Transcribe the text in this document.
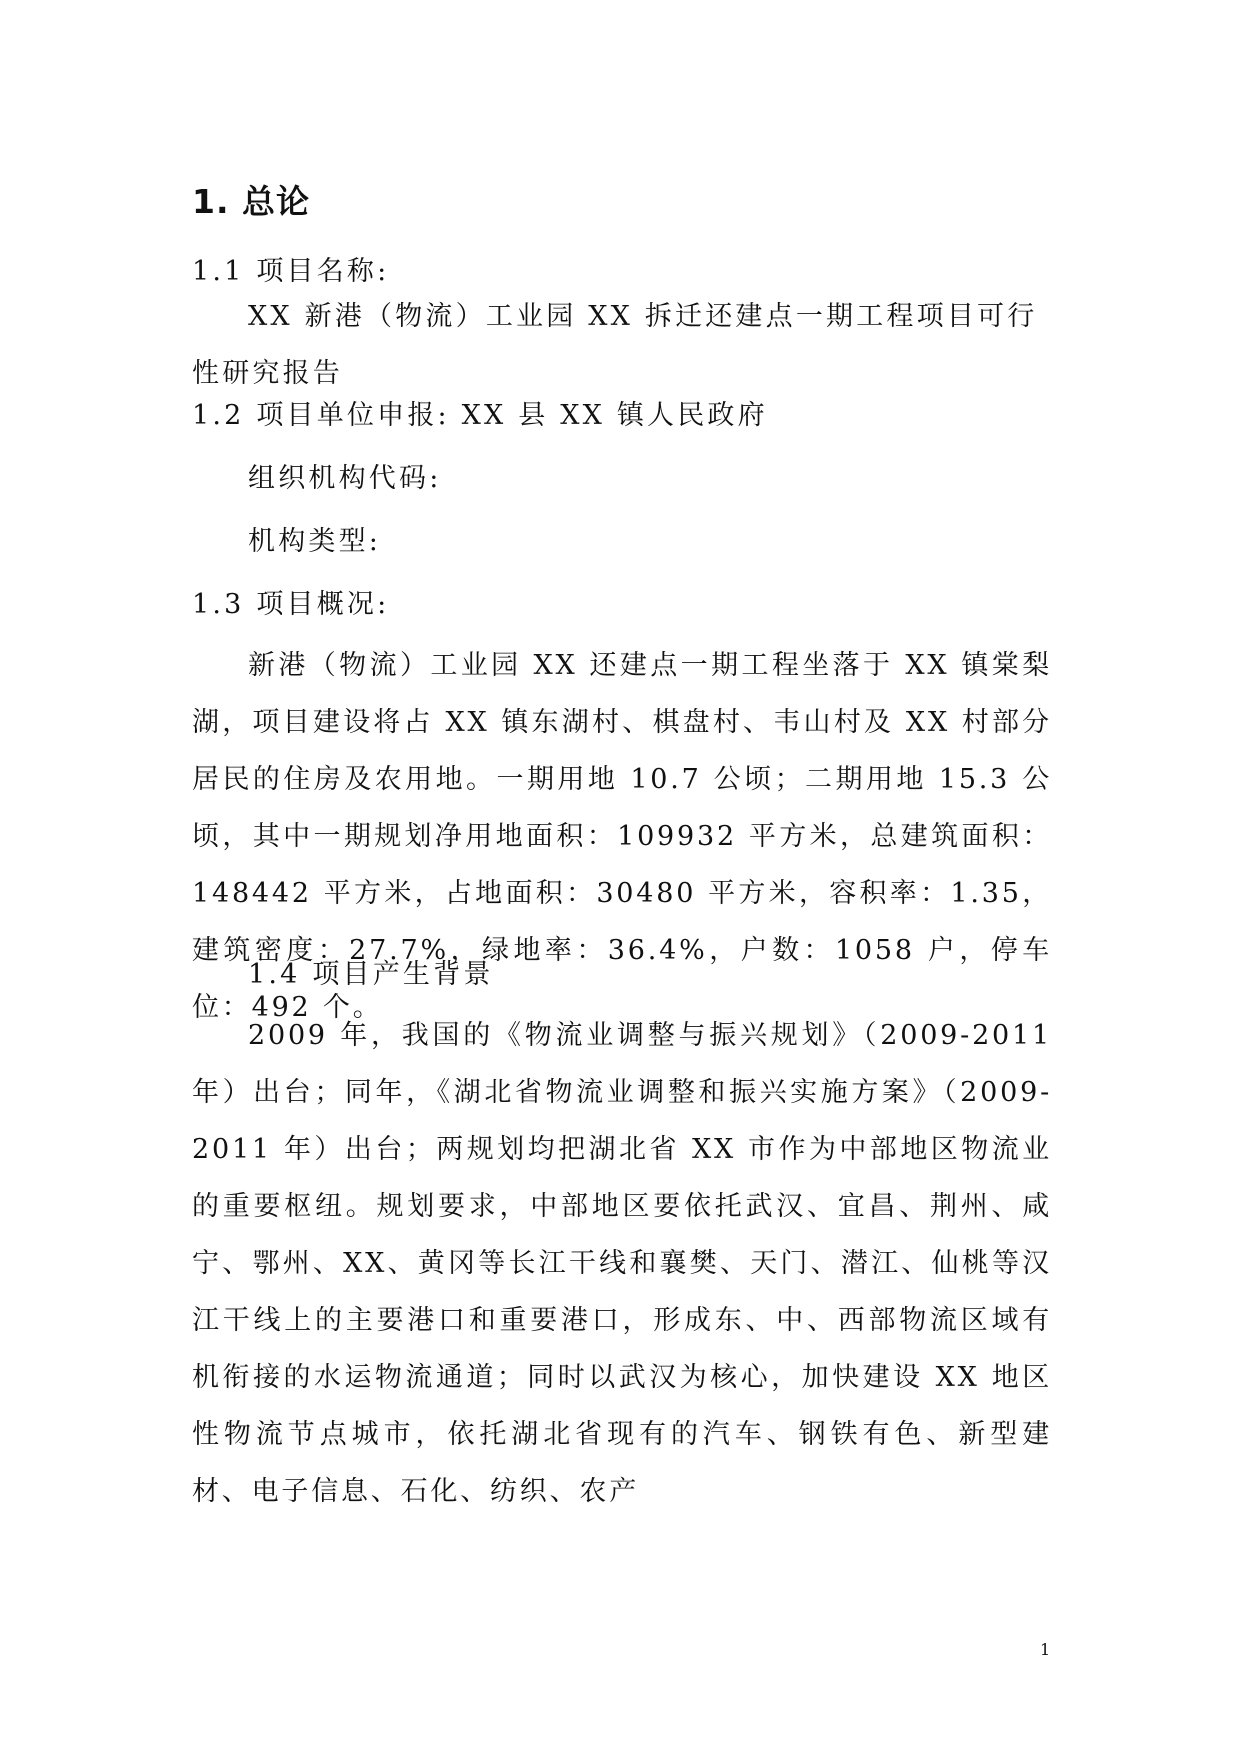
1. 总论
1.1 项目名称:
XX 新港（物流）工业园 XX 拆迁还建点一期工程项目可行性研究报告
1.2 项目单位申报: XX 县 XX 镇人民政府
组织机构代码:
机构类型:
1.3 项目概况:
新港（物流）工业园 XX 还建点一期工程坐落于 XX 镇棠梨湖，项目建设将占 XX 镇东湖村、棋盘村、韦山村及 XX 村部分居民的住房及农用地。一期用地 10.7 公顷；二期用地 15.3 公顷，其中一期规划净用地面积：109932 平方米，总建筑面积：148442 平方米，占地面积：30480 平方米，容积率：1.35，建筑密度：27.7%，绿地率：36.4%，户数：1058 户，停车位：492 个。
1.4 项目产生背景
2009 年，我国的《物流业调整与振兴规划》（2009-2011 年）出台；同年，《湖北省物流业调整和振兴实施方案》（2009-2011 年）出台；两规划均把湖北省 XX 市作为中部地区物流业的重要枢纽。规划要求，中部地区要依托武汉、宜昌、荆州、咸宁、鄂州、XX、黄冈等长江干线和襄樊、天门、潜江、仙桃等汉江干线上的主要港口和重要港口，形成东、中、西部物流区域有机衔接的水运物流通道；同时以武汉为核心，加快建设 XX 地区性物流节点城市，依托湖北省现有的汽车、钢铁有色、新型建材、电子信息、石化、纺织、农产
1
